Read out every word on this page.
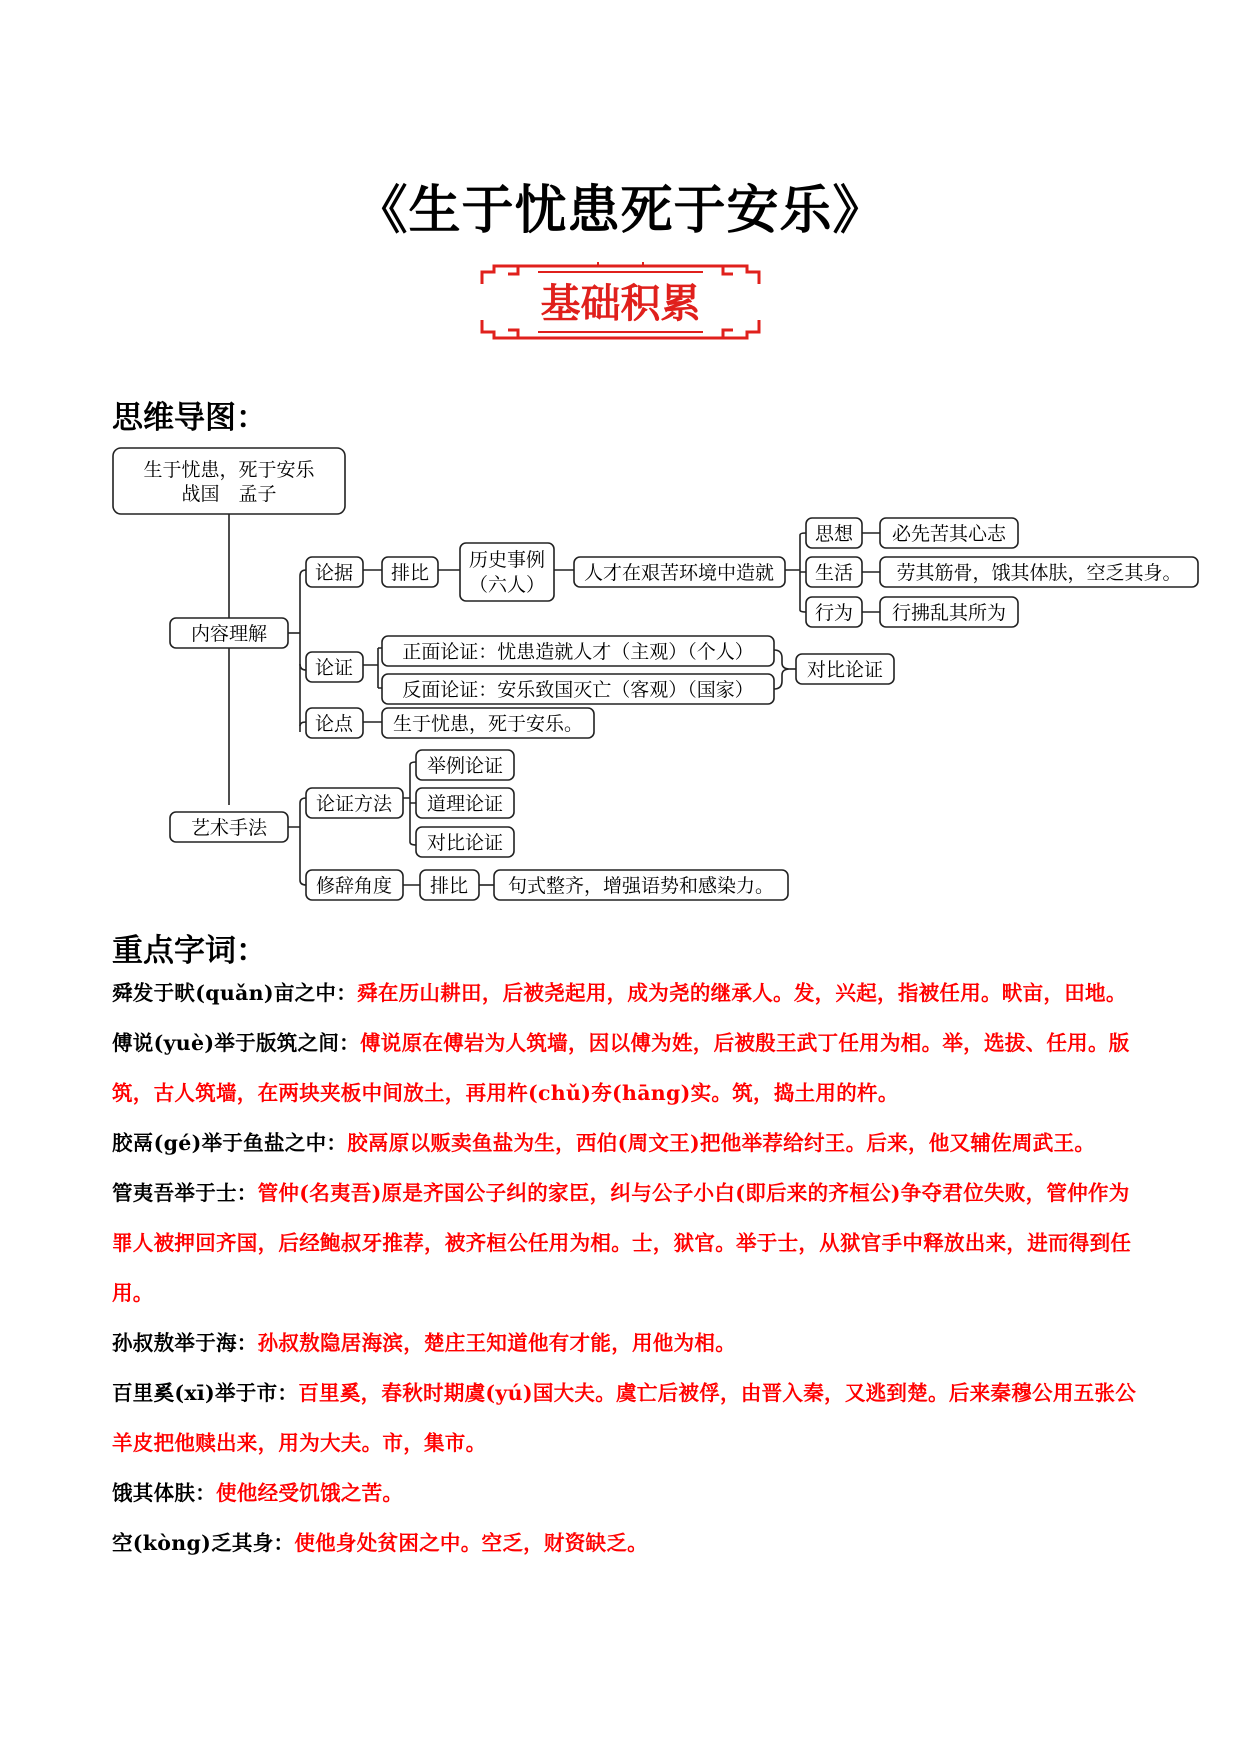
《生于忧患死于安乐》
基础积累
思维导图：
生于忧患，死于安乐
战国　孟子
内容理解
论据 排比
历史事例
（六人）
人才在艰苦环境中造就
思想 必先苦其心志
生活 劳其筋骨，饿其体肤，空乏其身。
行为 行拂乱其所为
论证
正面论证：忧患造就人才（主观）（个人）
反面论证：安乐致国灭亡（客观）（国家）
对比论证
论点 生于忧患，死于安乐。
艺术手法
论证方法
举例论证
道理论证
对比论证
修辞角度 排比 句式整齐，增强语势和感染力。
重点字词：

舜发于畎(quǎn)亩之中：舜在历山耕田，后被尧起用，成为尧的继承人。发，兴起，指被任用。畎亩，田地。

傅说(yuè)举于版筑之间：傅说原在傅岩为人筑墙，因以傅为姓，后被殷王武丁任用为相。举，选拔、任用。版筑，古人筑墙，在两块夹板中间放土，再用杵(chǔ)夯(hāng)实。筑，捣土用的杵。

胶鬲(gé)举于鱼盐之中：胶鬲原以贩卖鱼盐为生，西伯(周文王)把他举荐给纣王。后来，他又辅佐周武王。

管夷吾举于士：管仲(名夷吾)原是齐国公子纠的家臣，纠与公子小白(即后来的齐桓公)争夺君位失败，管仲作为罪人被押回齐国，后经鲍叔牙推荐，被齐桓公任用为相。士，狱官。举于士，从狱官手中释放出来，进而得到任用。

孙叔敖举于海：孙叔敖隐居海滨，楚庄王知道他有才能，用他为相。

百里奚(xī)举于市：百里奚，春秋时期虞(yú)国大夫。虞亡后被俘，由晋入秦，又逃到楚。后来秦穆公用五张公羊皮把他赎出来，用为大夫。市，集市。

饿其体肤：使他经受饥饿之苦。

空(kòng)乏其身：使他身处贫困之中。空乏，财资缺乏。
